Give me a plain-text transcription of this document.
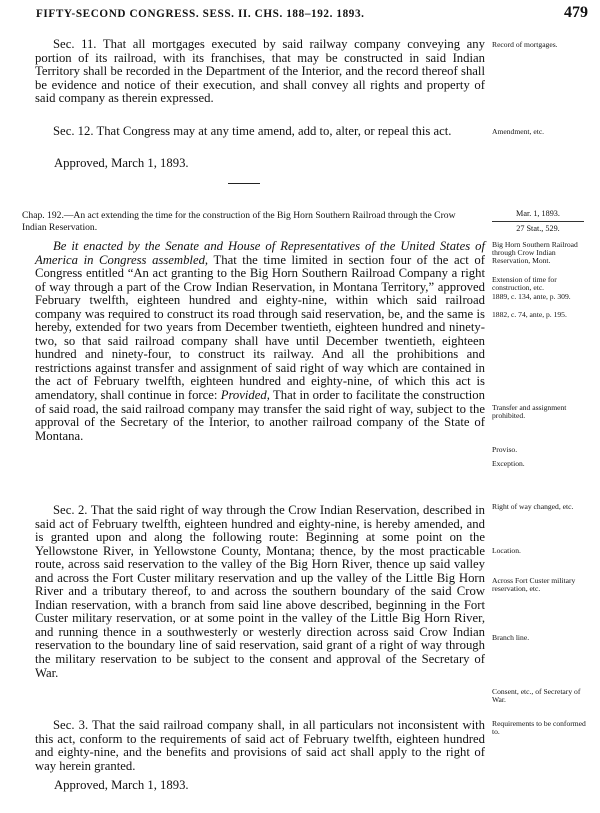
FIFTY-SECOND CONGRESS. SESS. II. CHS. 188–192. 1893.	479

Sec. 11. That all mortgages executed by said railway company conveying any portion of its railroad, with its franchises, that may be constructed in said Indian Territory shall be recorded in the Department of the Interior, and the record thereof shall be evidence and notice of their execution, and shall convey all rights and property of said company as therein expressed.

Sec. 12. That Congress may at any time amend, add to, alter, or repeal this act.

Approved, March 1, 1893.
Chap. 192.—An act extending the time for the construction of the Big Horn Southern Railroad through the Crow Indian Reservation.
Mar. 1, 1893.
27 Stat., 529.

Be it enacted by the Senate and House of Representatives of the United States of America in Congress assembled, That the time limited in section four of the act of Congress entitled “An act granting to the Big Horn Southern Railroad Company a right of way through a part of the Crow Indian Reservation, in Montana Territory,” approved February twelfth, eighteen hundred and eighty-nine, within which said railroad company was required to construct its road through said reservation, be, and the same is hereby, extended for two years from December twentieth, eighteen hundred and ninety-two, so that said railroad company shall have until December twentieth, eighteen hundred and ninety-four, to construct its railway. And all the prohibitions and restrictions against transfer and assignment of said right of way which are contained in the act of February twelfth, eighteen hundred and eighty-nine, of which this act is amendatory, shall continue in force: Provided, That in order to facilitate the construction of said road, the said railroad company may transfer the said right of way, subject to the approval of the Secretary of the Interior, to another railroad company of the State of Montana.

Sec. 2. That the said right of way through the Crow Indian Reservation, described in said act of February twelfth, eighteen hundred and eighty-nine, is hereby amended, and is granted upon and along the following route: Beginning at some point on the Yellowstone River, in Yellowstone County, Montana; thence, by the most practicable route, across said reservation to the valley of the Big Horn River, thence up said valley and across the Fort Custer military reservation and up the valley of the Little Big Horn River and a tributary thereof, to and across the southern boundary of the said Crow Indian reservation, with a branch from said line above described, beginning in the Fort Custer military reservation, or at some point in the valley of the Little Big Horn River, and running thence in a southwesterly or westerly direction across said Crow Indian reservation to the boundary line of said reservation, said grant of a right of way through the military reservation to be subject to the consent and approval of the Secretary of War.

Sec. 3. That the said railroad company shall, in all particulars not inconsistent with this act, conform to the requirements of said act of February twelfth, eighteen hundred and eighty-nine, and the benefits and provisions of said act shall apply to the right of way herein granted.

Approved, March 1, 1893.
Record of mortgages.
Amendment, etc.
Big Horn Southern Railroad through Crow Indian Reservation, Mont.
Extension of time for construction, etc.
1889, c. 134, ante, p. 309.
1882, c. 74, ante, p. 195.
Transfer and assignment prohibited.
Proviso.
Exception.
Right of way changed, etc.
Location.
Across Fort Custer military reservation, etc.
Branch line.
Consent, etc., of Secretary of War.
Requirements to be conformed to.
